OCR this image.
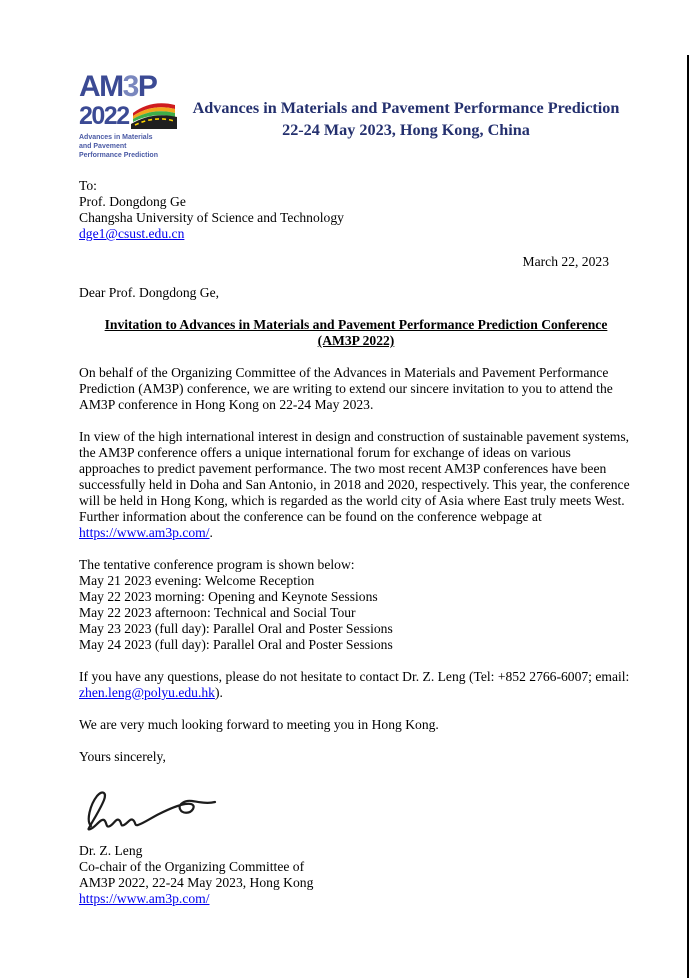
AM3P
2022
Advances in Materials
and Pavement
Performance Prediction
Advances in Materials and Pavement Performance Prediction
22-24 May 2023, Hong Kong, China
To:
Prof. Dongdong Ge
Changsha University of Science and Technology
dge1@csust.edu.cn
March 22, 2023
Dear Prof. Dongdong Ge,
Invitation to Advances in Materials and Pavement Performance Prediction Conference
(AM3P 2022)
On behalf of the Organizing Committee of the Advances in Materials and Pavement Performance Prediction (AM3P) conference, we are writing to extend our sincere invitation to you to attend the AM3P conference in Hong Kong on 22-24 May 2023.
In view of the high international interest in design and construction of sustainable pavement systems, the AM3P conference offers a unique international forum for exchange of ideas on various approaches to predict pavement performance. The two most recent AM3P conferences have been successfully held in Doha and San Antonio, in 2018 and 2020, respectively. This year, the conference will be held in Hong Kong, which is regarded as the world city of Asia where East truly meets West. Further information about the conference can be found on the conference webpage at https://www.am3p.com/.
The tentative conference program is shown below:
May 21 2023 evening: Welcome Reception
May 22 2023 morning: Opening and Keynote Sessions
May 22 2023 afternoon: Technical and Social Tour
May 23 2023 (full day): Parallel Oral and Poster Sessions
May 24 2023 (full day): Parallel Oral and Poster Sessions
If you have any questions, please do not hesitate to contact Dr. Z. Leng (Tel: +852 2766-6007; email: zhen.leng@polyu.edu.hk).
We are very much looking forward to meeting you in Hong Kong.
Yours sincerely,
Dr. Z. Leng
Co-chair of the Organizing Committee of
AM3P 2022, 22-24 May 2023, Hong Kong
https://www.am3p.com/
